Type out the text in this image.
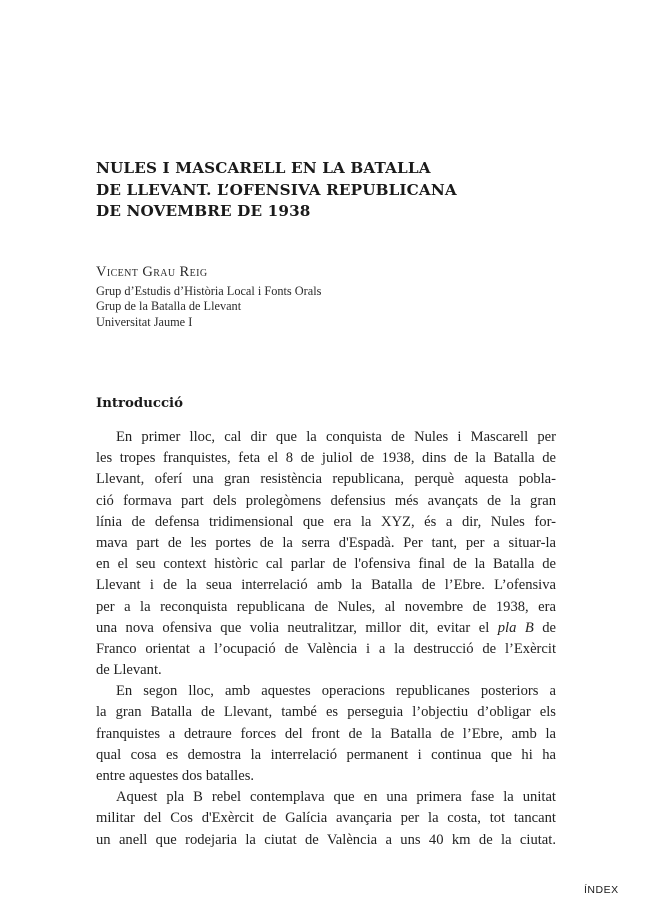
NULES I MASCARELL EN LA BATALLA
DE LLEVANT. L’OFENSIVA REPUBLICANA
DE NOVEMBRE DE 1938

Vicent Grau Reig

Grup d’Estudis d’Història Local i Fonts Orals
Grup de la Batalla de Llevant
Universitat Jaume I
Introducció
En primer lloc, cal dir que la conquista de Nules i Mascarell per
les tropes franquistes, feta el 8 de juliol de 1938, dins de la Batalla de
Llevant, oferí una gran resistència republicana, perquè aquesta pobla-
ció formava part dels prolegòmens defensius més avançats de la gran
línia de defensa tridimensional que era la XYZ, és a dir, Nules for-
mava part de les portes de la serra d'Espadà. Per tant, per a situar-la
en el seu context històric cal parlar de l'ofensiva final de la Batalla de
Llevant i de la seua interrelació amb la Batalla de l’Ebre. L’ofensiva
per a la reconquista republicana de Nules, al novembre de 1938, era
una nova ofensiva que volia neutralitzar, millor dit, evitar el pla B de
Franco orientat a l’ocupació de València i a la destrucció de l’Exèrcit
de Llevant.
En segon lloc, amb aquestes operacions republicanes posteriors a
la gran Batalla de Llevant, també es perseguia l’objectiu d’obligar els
franquistes a detraure forces del front de la Batalla de l’Ebre, amb la
qual cosa es demostra la interrelació permanent i continua que hi ha
entre aquestes dos batalles.
Aquest pla B rebel contemplava que en una primera fase la unitat
militar del Cos d'Exèrcit de Galícia avançaria per la costa, tot tancant
un anell que rodejaria la ciutat de València a uns 40 km de la ciutat.
ÍNDEX
